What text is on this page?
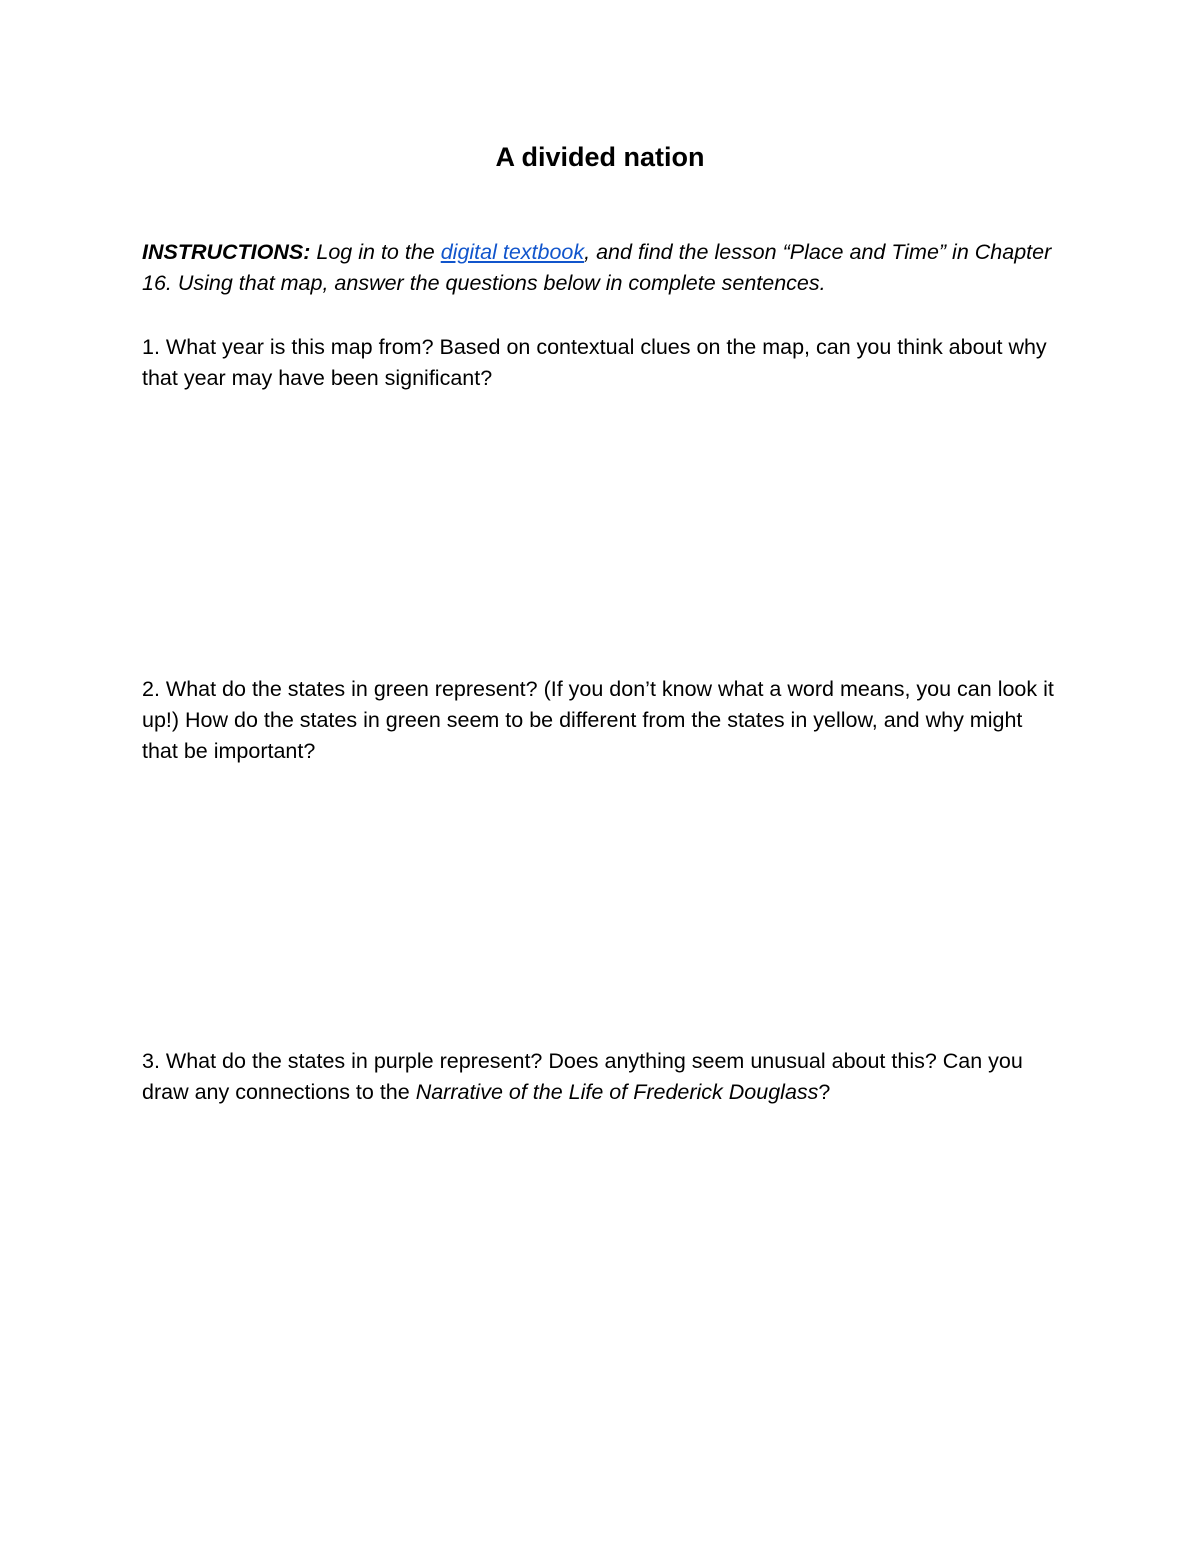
A divided nation

INSTRUCTIONS: Log in to the digital textbook, and find the lesson “Place and Time” in Chapter 16. Using that map, answer the questions below in complete sentences.

1. What year is this map from? Based on contextual clues on the map, can you think about why that year may have been significant?

2. What do the states in green represent? (If you don’t know what a word means, you can look it up!) How do the states in green seem to be different from the states in yellow, and why might that be important?

3. What do the states in purple represent? Does anything seem unusual about this? Can you draw any connections to the Narrative of the Life of Frederick Douglass?
